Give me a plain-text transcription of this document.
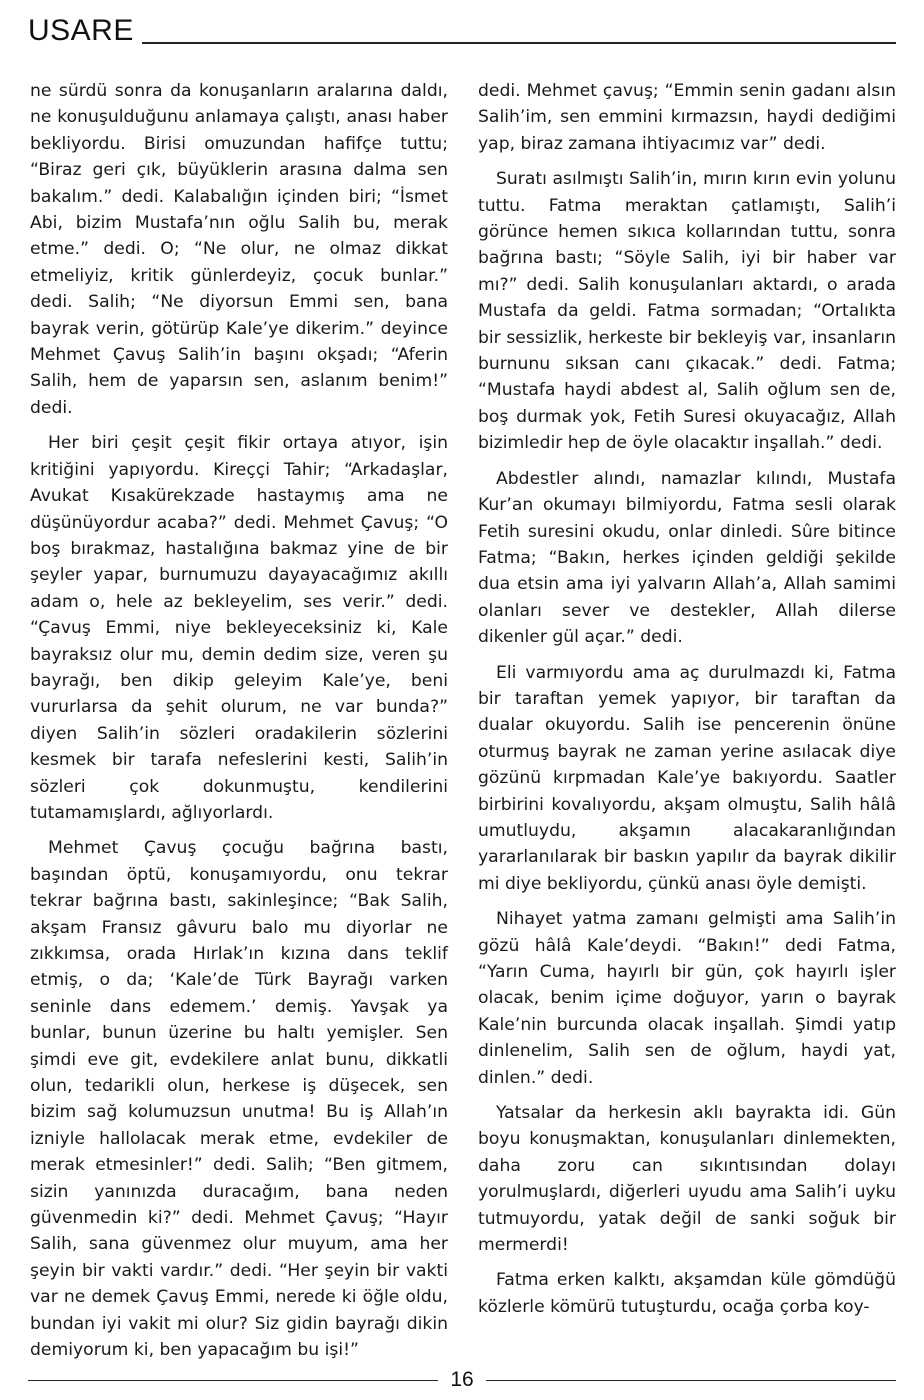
USARE

ne sürdü sonra da konuşanların aralarına daldı, ne konuşulduğunu anlamaya çalıştı, anası haber bekliyordu. Birisi omuzundan hafifçe tuttu; “Biraz geri çık, büyüklerin arasına dalma sen bakalım.” dedi. Kalabalığın içinden biri; “İsmet Abi, bizim Mustafa’nın oğlu Salih bu, merak etme.” dedi. O; “Ne olur, ne olmaz dikkat etmeliyiz, kritik günlerdeyiz, çocuk bunlar.” dedi. Salih; “Ne diyorsun Emmi sen, bana bayrak verin, götürüp Kale’ye dikerim.” deyince Mehmet Çavuş Salih’in başını okşadı; “Aferin Salih, hem de yaparsın sen, aslanım benim!” dedi.

Her biri çeşit çeşit fikir ortaya atıyor, işin kritiğini yapıyordu. Kireççi Tahir; “Arkadaşlar, Avukat Kısakürekzade hastaymış ama ne düşünüyordur acaba?” dedi. Mehmet Çavuş; “O boş bırakmaz, hastalığına bakmaz yine de bir şeyler yapar, burnumuzu dayayacağımız akıllı adam o, hele az bekleyelim, ses verir.” dedi. “Çavuş Emmi, niye bekleyeceksiniz ki, Kale bayraksız olur mu, demin dedim size, veren şu bayrağı, ben dikip geleyim Kale’ye, beni vururlarsa da şehit olurum, ne var bunda?” diyen Salih’in sözleri oradakilerin sözlerini kesmek bir tarafa nefeslerini kesti, Salih’in sözleri çok dokunmuştu, kendilerini tutamamışlardı, ağlıyorlardı.

Mehmet Çavuş çocuğu bağrına bastı, başından öptü, konuşamıyordu, onu tekrar tekrar bağrına bastı, sakinleşince; “Bak Salih, akşam Fransız gâvuru balo mu diyorlar ne zıkkımsa, orada Hırlak’ın kızına dans teklif etmiş, o da; ‘Kale’de Türk Bayrağı varken seninle dans edemem.’ demiş. Yavşak ya bunlar, bunun üzerine bu haltı yemişler. Sen şimdi eve git, evdekilere anlat bunu, dikkatli olun, tedarikli olun, herkese iş düşecek, sen bizim sağ kolumuzsun unutma! Bu iş Allah’ın izniyle hallolacak merak etme, evdekiler de merak etmesinler!” dedi. Salih; “Ben gitmem, sizin yanınızda duracağım, bana neden güvenmedin ki?” dedi. Mehmet Çavuş; “Hayır Salih, sana güvenmez olur muyum, ama her şeyin bir vakti vardır.” dedi. “Her şeyin bir vakti var ne demek Çavuş Emmi, nerede ki öğle oldu, bundan iyi vakit mi olur? Siz gidin bayrağı dikin demiyorum ki, ben yapacağım bu işi!”

dedi. Mehmet çavuş; “Emmin senin gadanı alsın Salih’im, sen emmini kırmazsın, haydi dediğimi yap, biraz zamana ihtiyacımız var” dedi.

Suratı asılmıştı Salih’in, mırın kırın evin yolunu tuttu. Fatma meraktan çatlamıştı, Salih’i görünce hemen sıkıca kollarından tuttu, sonra bağrına bastı; “Söyle Salih, iyi bir haber var mı?” dedi. Salih konuşulanları aktardı, o arada Mustafa da geldi. Fatma sormadan; “Ortalıkta bir sessizlik, herkeste bir bekleyiş var, insanların burnunu sıksan canı çıkacak.” dedi. Fatma; “Mustafa haydi abdest al, Salih oğlum sen de, boş durmak yok, Fetih Suresi okuyacağız, Allah bizimledir hep de öyle olacaktır inşallah.” dedi.

Abdestler alındı, namazlar kılındı, Mustafa Kur’an okumayı bilmiyordu, Fatma sesli olarak Fetih suresini okudu, onlar dinledi. Sûre bitince Fatma; “Bakın, herkes içinden geldiği şekilde dua etsin ama iyi yalvarın Allah’a, Allah samimi olanları sever ve destekler, Allah dilerse dikenler gül açar.” dedi.

Eli varmıyordu ama aç durulmazdı ki, Fatma bir taraftan yemek yapıyor, bir taraftan da dualar okuyordu. Salih ise pencerenin önüne oturmuş bayrak ne zaman yerine asılacak diye gözünü kırpmadan Kale’ye bakıyordu. Saatler birbirini kovalıyordu, akşam olmuştu, Salih hâlâ umutluydu, akşamın alacakaranlığından yararlanılarak bir baskın yapılır da bayrak dikilir mi diye bekliyordu, çünkü anası öyle demişti.

Nihayet yatma zamanı gelmişti ama Salih’in gözü hâlâ Kale’deydi. “Bakın!” dedi Fatma, “Yarın Cuma, hayırlı bir gün, çok hayırlı işler olacak, benim içime doğuyor, yarın o bayrak Kale’nin burcunda olacak inşallah. Şimdi yatıp dinlenelim, Salih sen de oğlum, haydi yat, dinlen.” dedi.

Yatsalar da herkesin aklı bayrakta idi. Gün boyu konuşmaktan, konuşulanları dinlemekten, daha zoru can sıkıntısından dolayı yorulmuşlardı, diğerleri uyudu ama Salih’i uyku tutmuyordu, yatak değil de sanki soğuk bir mermerdi!

Fatma erken kalktı, akşamdan küle gömdüğü közlerle kömürü tutuşturdu, ocağa çorba koy-

16
